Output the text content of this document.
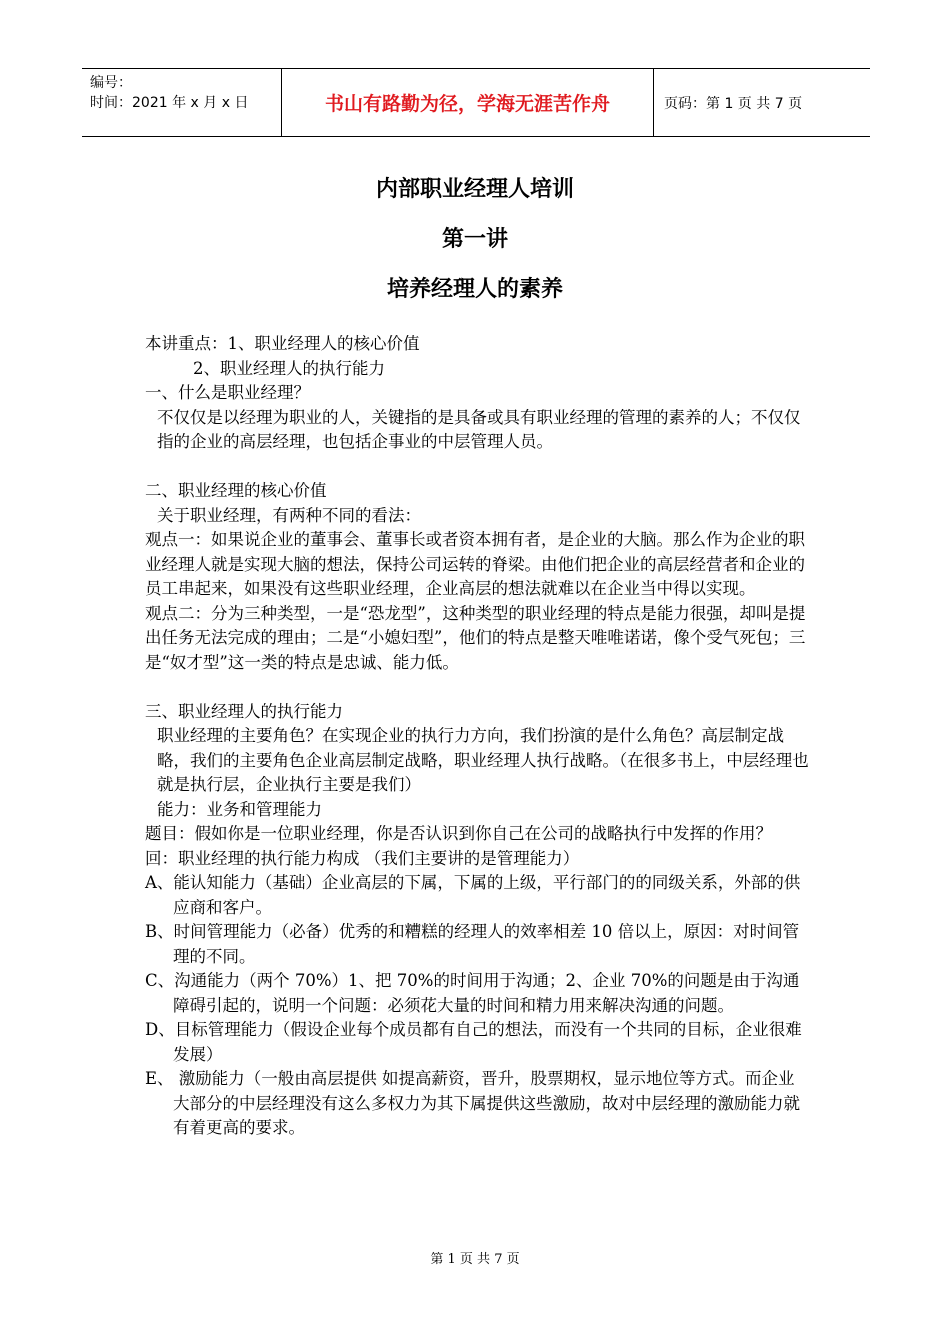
编号：
时间：2021 年 x 月 x 日	书山有路勤为径，学海无涯苦作舟	页码：第 1 页 共 7 页
内部职业经理人培训
第一讲
培养经理人的素养

本讲重点：1、职业经理人的核心价值

2、职业经理人的执行能力

一、什么是职业经理？

不仅仅是以经理为职业的人，关键指的是具备或具有职业经理的管理的素养的人；不仅仅指的企业的高层经理，也包括企事业的中层管理人员。

二、职业经理的核心价值

关于职业经理，有两种不同的看法：

观点一：如果说企业的董事会、董事长或者资本拥有者，是企业的大脑。那么作为企业的职业经理人就是实现大脑的想法，保持公司运转的脊梁。由他们把企业的高层经营者和企业的员工串起来，如果没有这些职业经理，企业高层的想法就难以在企业当中得以实现。

观点二：分为三种类型，一是“恐龙型”，这种类型的职业经理的特点是能力很强，却叫是提出任务无法完成的理由；二是“小媳妇型”，他们的特点是整天唯唯诺诺，像个受气死包；三是“奴才型”这一类的特点是忠诚、能力低。

三、职业经理人的执行能力

职业经理的主要角色？在实现企业的执行力方向，我们扮演的是什么角色？高层制定战略，我们的主要角色企业高层制定战略，职业经理人执行战略。（在很多书上，中层经理也就是执行层，企业执行主要是我们）

能力：业务和管理能力

题目：假如你是一位职业经理，你是否认识到你自己在公司的战略执行中发挥的作用？

回：职业经理的执行能力构成 （我们主要讲的是管理能力）

A、能认知能力（基础）企业高层的下属，下属的上级，平行部门的的同级关系，外部的供应商和客户。

B、时间管理能力（必备）优秀的和糟糕的经理人的效率相差 10 倍以上，原因：对时间管理的不同。

C、沟通能力（两个 70%）1、把 70%的时间用于沟通；2、企业 70%的问题是由于沟通障碍引起的，说明一个问题：必须花大量的时间和精力用来解决沟通的问题。

D、目标管理能力（假设企业每个成员都有自己的想法，而没有一个共同的目标，企业很难发展）

E、 激励能力（一般由高层提供 如提高薪资，晋升，股票期权，显示地位等方式。而企业大部分的中层经理没有这么多权力为其下属提供这些激励，故对中层经理的激励能力就有着更高的要求。

第 1 页 共 7 页
